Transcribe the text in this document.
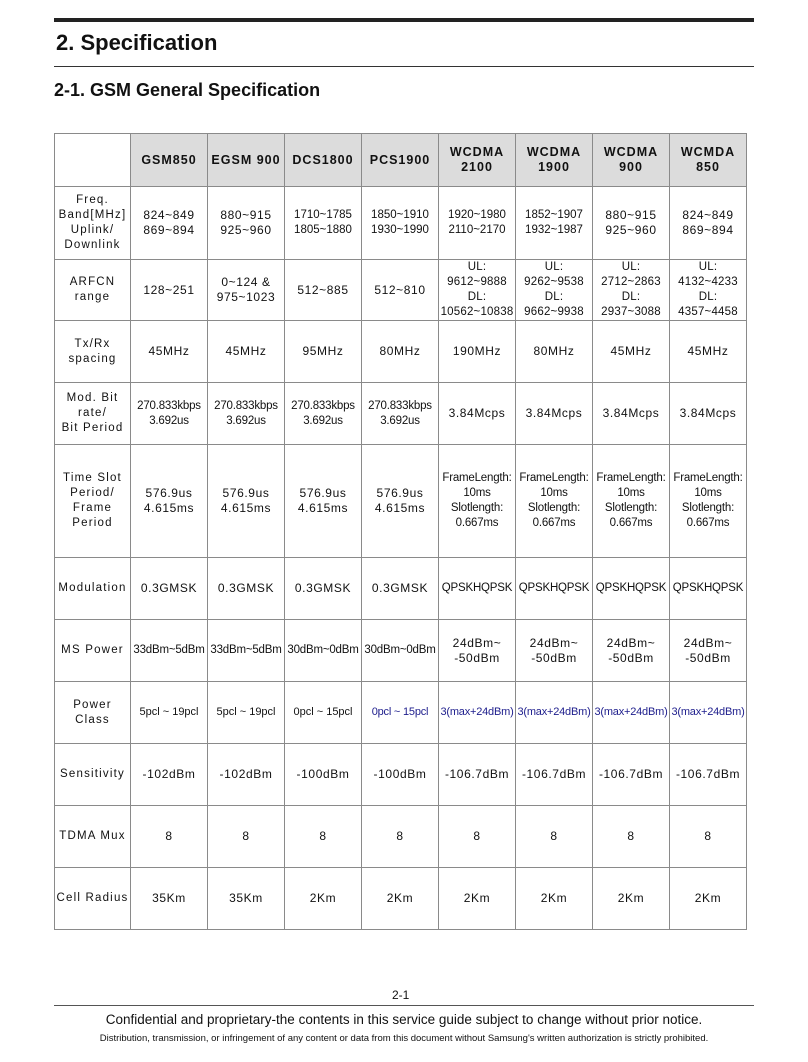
2. Specification
2-1. GSM General Specification
	GSM850	EGSM 900	DCS1800	PCS1900	WCDMA
2100	WCDMA
1900	WCDMA
900	WCMDA
850
Freq.
Band[MHz]
Uplink/
Downlink	824~849
869~894	880~915
925~960	1710~1785
1805~1880	1850~1910
1930~1990	1920~1980
2110~2170	1852~1907
1932~1987	880~915
925~960	824~849
869~894
ARFCN
range	128~251	0~124 &
975~1023	512~885	512~810	UL:
9612~9888
DL:
10562~10838	UL:
9262~9538
DL:
9662~9938	UL:
2712~2863
DL:
2937~3088	UL:
4132~4233
DL:
4357~4458
Tx/Rx
spacing	45MHz	45MHz	95MHz	80MHz	190MHz	80MHz	45MHz	45MHz
Mod. Bit
rate/
Bit Period	270.833kbps
3.692us	270.833kbps
3.692us	270.833kbps
3.692us	270.833kbps
3.692us	3.84Mcps	3.84Mcps	3.84Mcps	3.84Mcps
Time Slot
Period/
Frame
Period	576.9us
4.615ms	576.9us
4.615ms	576.9us
4.615ms	576.9us
4.615ms	FrameLength:
10ms
Slotlength:
0.667ms	FrameLength:
10ms
Slotlength:
0.667ms	FrameLength:
10ms
Slotlength:
0.667ms	FrameLength:
10ms
Slotlength:
0.667ms
Modulation	0.3GMSK	0.3GMSK	0.3GMSK	0.3GMSK	QPSKHQPSK	QPSKHQPSK	QPSKHQPSK	QPSKHQPSK
MS Power	33dBm~5dBm	33dBm~5dBm	30dBm~0dBm	30dBm~0dBm	24dBm~
-50dBm	24dBm~
-50dBm	24dBm~
-50dBm	24dBm~
-50dBm
Power
Class	5pcl ~ 19pcl	5pcl ~ 19pcl	0pcl ~ 15pcl	0pcl ~ 15pcl	3(max+24dBm)	3(max+24dBm)	3(max+24dBm)	3(max+24dBm)
Sensitivity	-102dBm	-102dBm	-100dBm	-100dBm	-106.7dBm	-106.7dBm	-106.7dBm	-106.7dBm
TDMA Mux	8	8	8	8	8	8	8	8
Cell Radius	35Km	35Km	2Km	2Km	2Km	2Km	2Km	2Km
2-1
Confidential and proprietary-the contents in this service guide subject to change without prior notice.
Distribution, transmission, or infringement of any content or data from this document without Samsung's written authorization is strictly prohibited.
